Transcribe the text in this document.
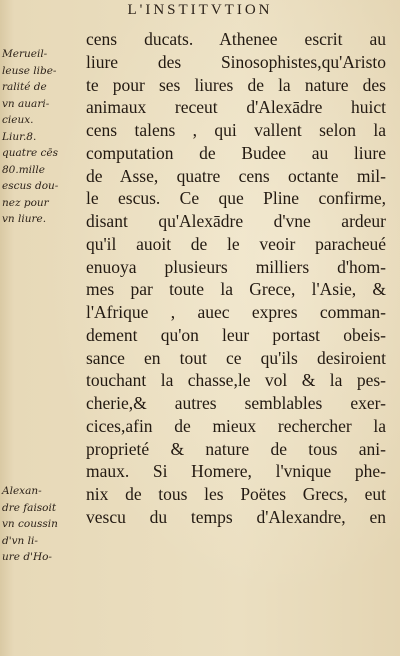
L'INSTITVTION
Merueil-
leuse libe-
ralité de
vn auari-
cieux.
Liur.8.
quatre cēs
80.mille
escus dou-
nez pour
vn liure.
Alexan-
dre faisoit
vn coussin
d'vn li-
ure d'Ho-
cens ducats. Athenee escrit au
liure des Sinosophistes,qu'Aristo
te pour ses liures de la nature des
animaux receut d'Alexādre huict
cens talens , qui vallent selon la
computation de Budee au liure
de Asse, quatre cens octante mil-
le escus. Ce que Pline confirme,
disant qu'Alexādre d'vne ardeur
qu'il auoit de le veoir paracheué
enuoya plusieurs milliers d'hom-
mes par toute la Grece, l'Asie, &
l'Afrique , auec expres comman-
dement qu'on leur portast obeis-
sance en tout ce qu'ils desiroient
touchant la chasse,le vol & la pes-
cherie,& autres semblables exer-
cices,afin de mieux rechercher la
proprieté & nature de tous ani-
maux. Si Homere, l'vnique phe-
nix de tous les Poëtes Grecs, eut
vescu du temps d'Alexandre, en
